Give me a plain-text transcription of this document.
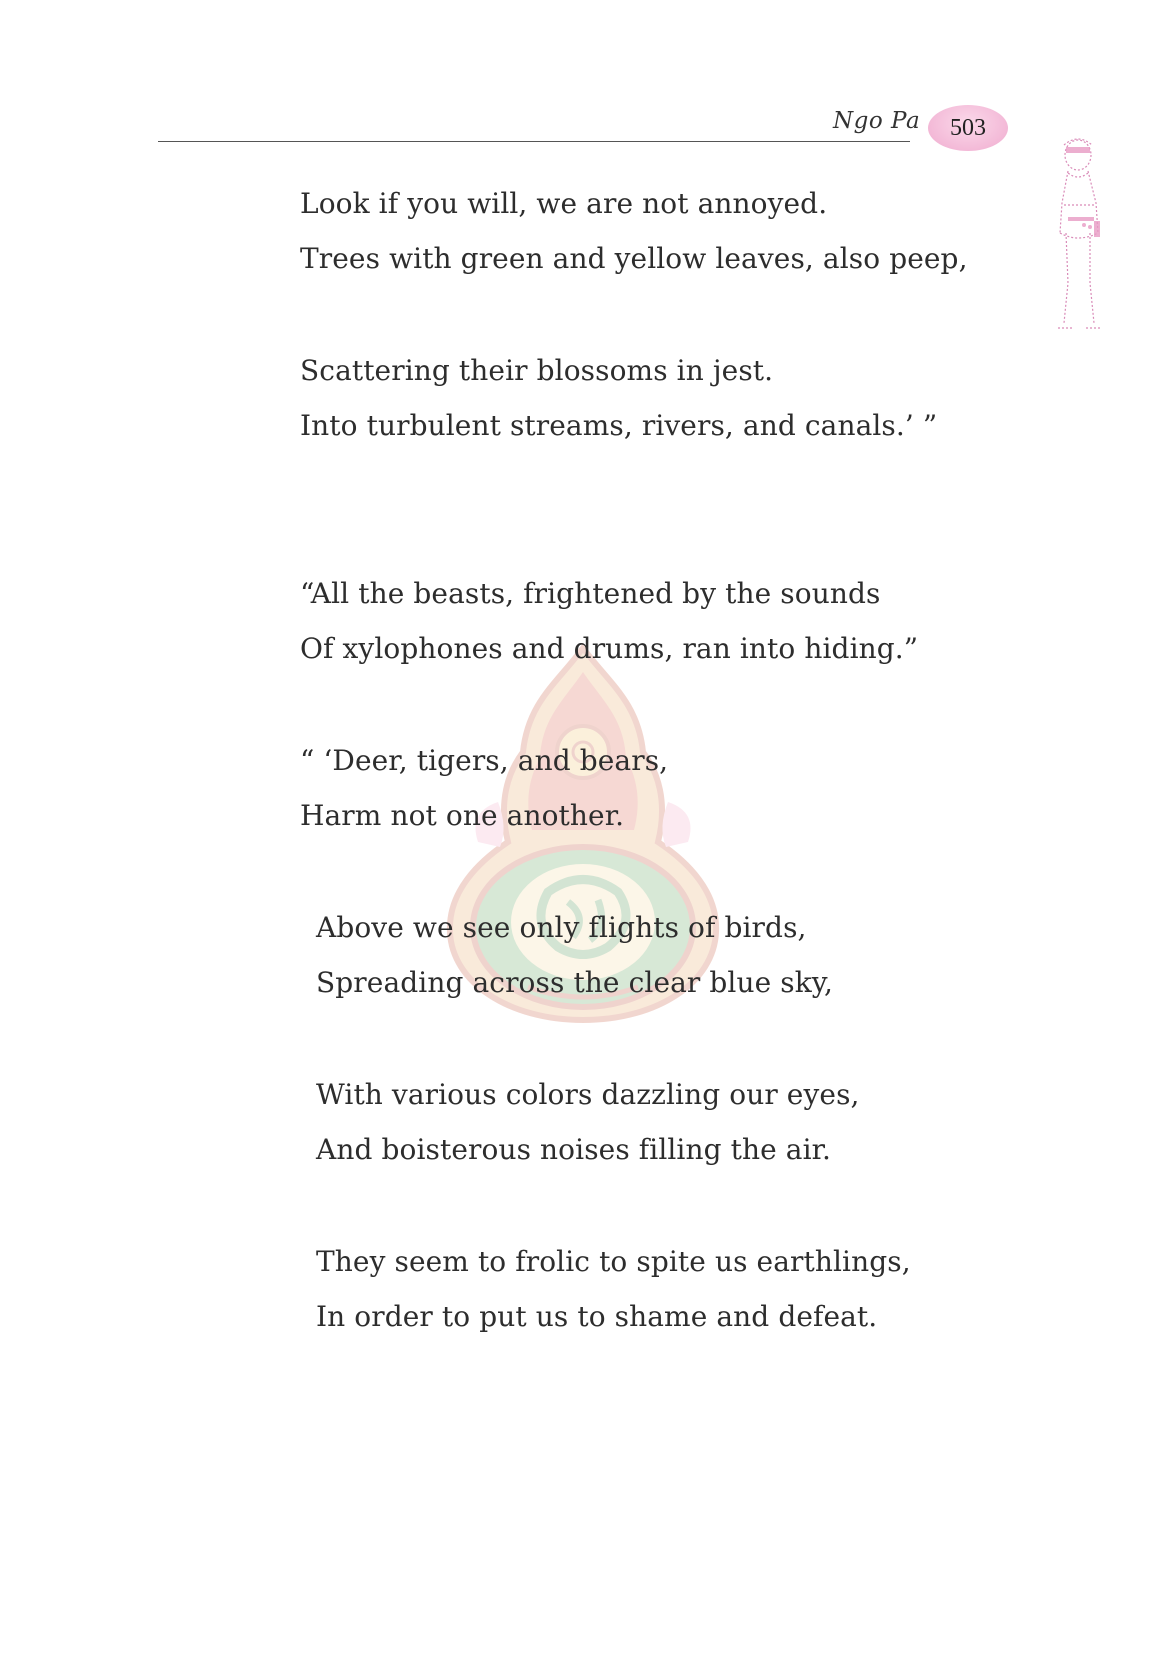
Ngo Pa 503
Look if you will, we are not annoyed.
Trees with green and yellow leaves, also peep,
Scattering their blossoms in jest.
Into turbulent streams, rivers, and canals.’ ”
“All the beasts, frightened by the sounds
Of xylophones and drums, ran into hiding.”
“ ‘Deer, tigers, and bears,
Harm not one another.
Above we see only flights of birds,
Spreading across the clear blue sky,
With various colors dazzling our eyes,
And boisterous noises filling the air.
They seem to frolic to spite us earthlings,
In order to put us to shame and defeat.
